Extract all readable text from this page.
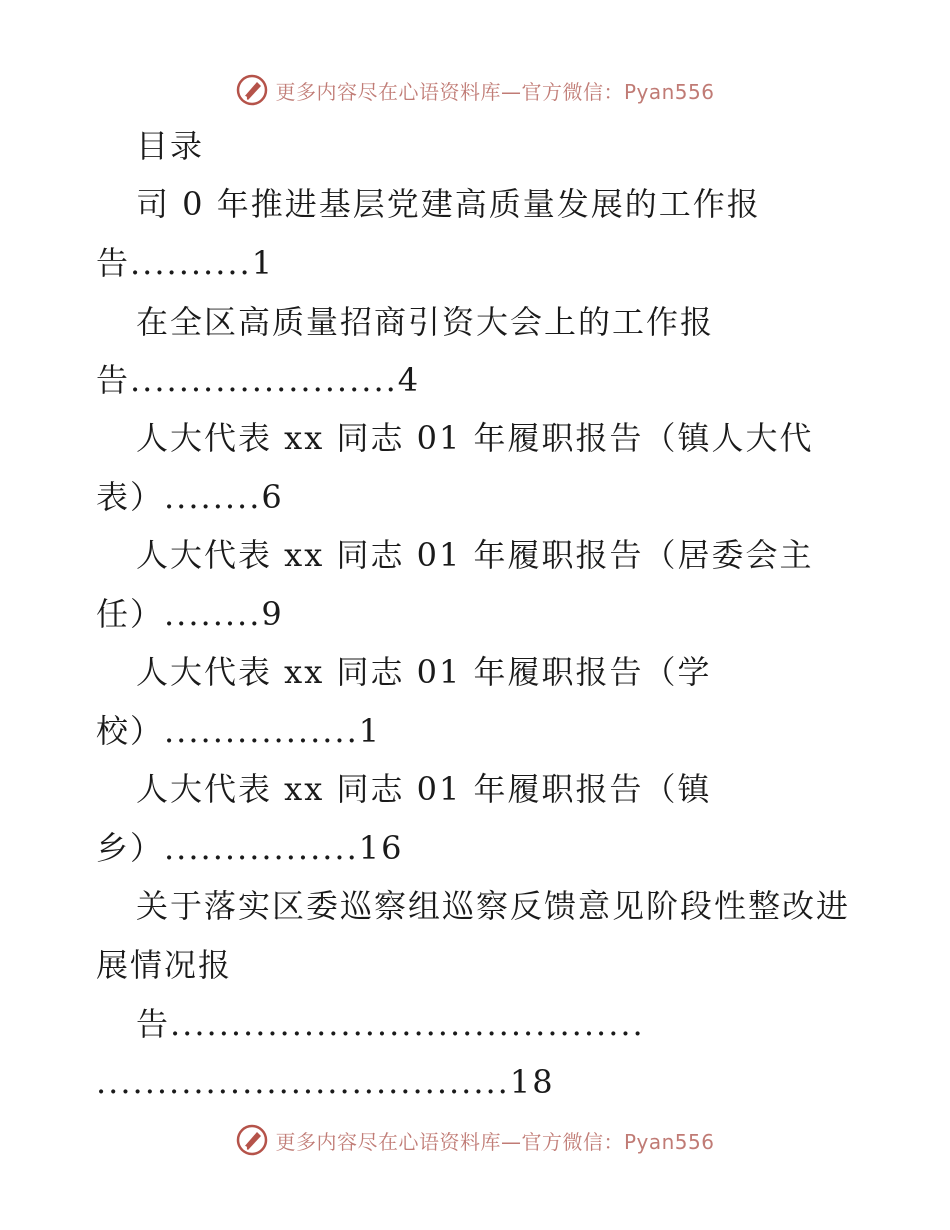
更多内容尽在心语资料库—官方微信：Pyan556
目录
司 0 年推进基层党建高质量发展的工作报
告..........1
在全区高质量招商引资大会上的工作报
告......................4
人大代表 xx 同志 01 年履职报告（镇人大代
表）........6
人大代表 xx 同志 01 年履职报告（居委会主
任）........9
人大代表 xx 同志 01 年履职报告（学
校）................1
人大代表 xx 同志 01 年履职报告（镇
乡）................16
关于落实区委巡察组巡察反馈意见阶段性整改进
展情况报
告.......................................
..................................18
更多内容尽在心语资料库—官方微信：Pyan556
